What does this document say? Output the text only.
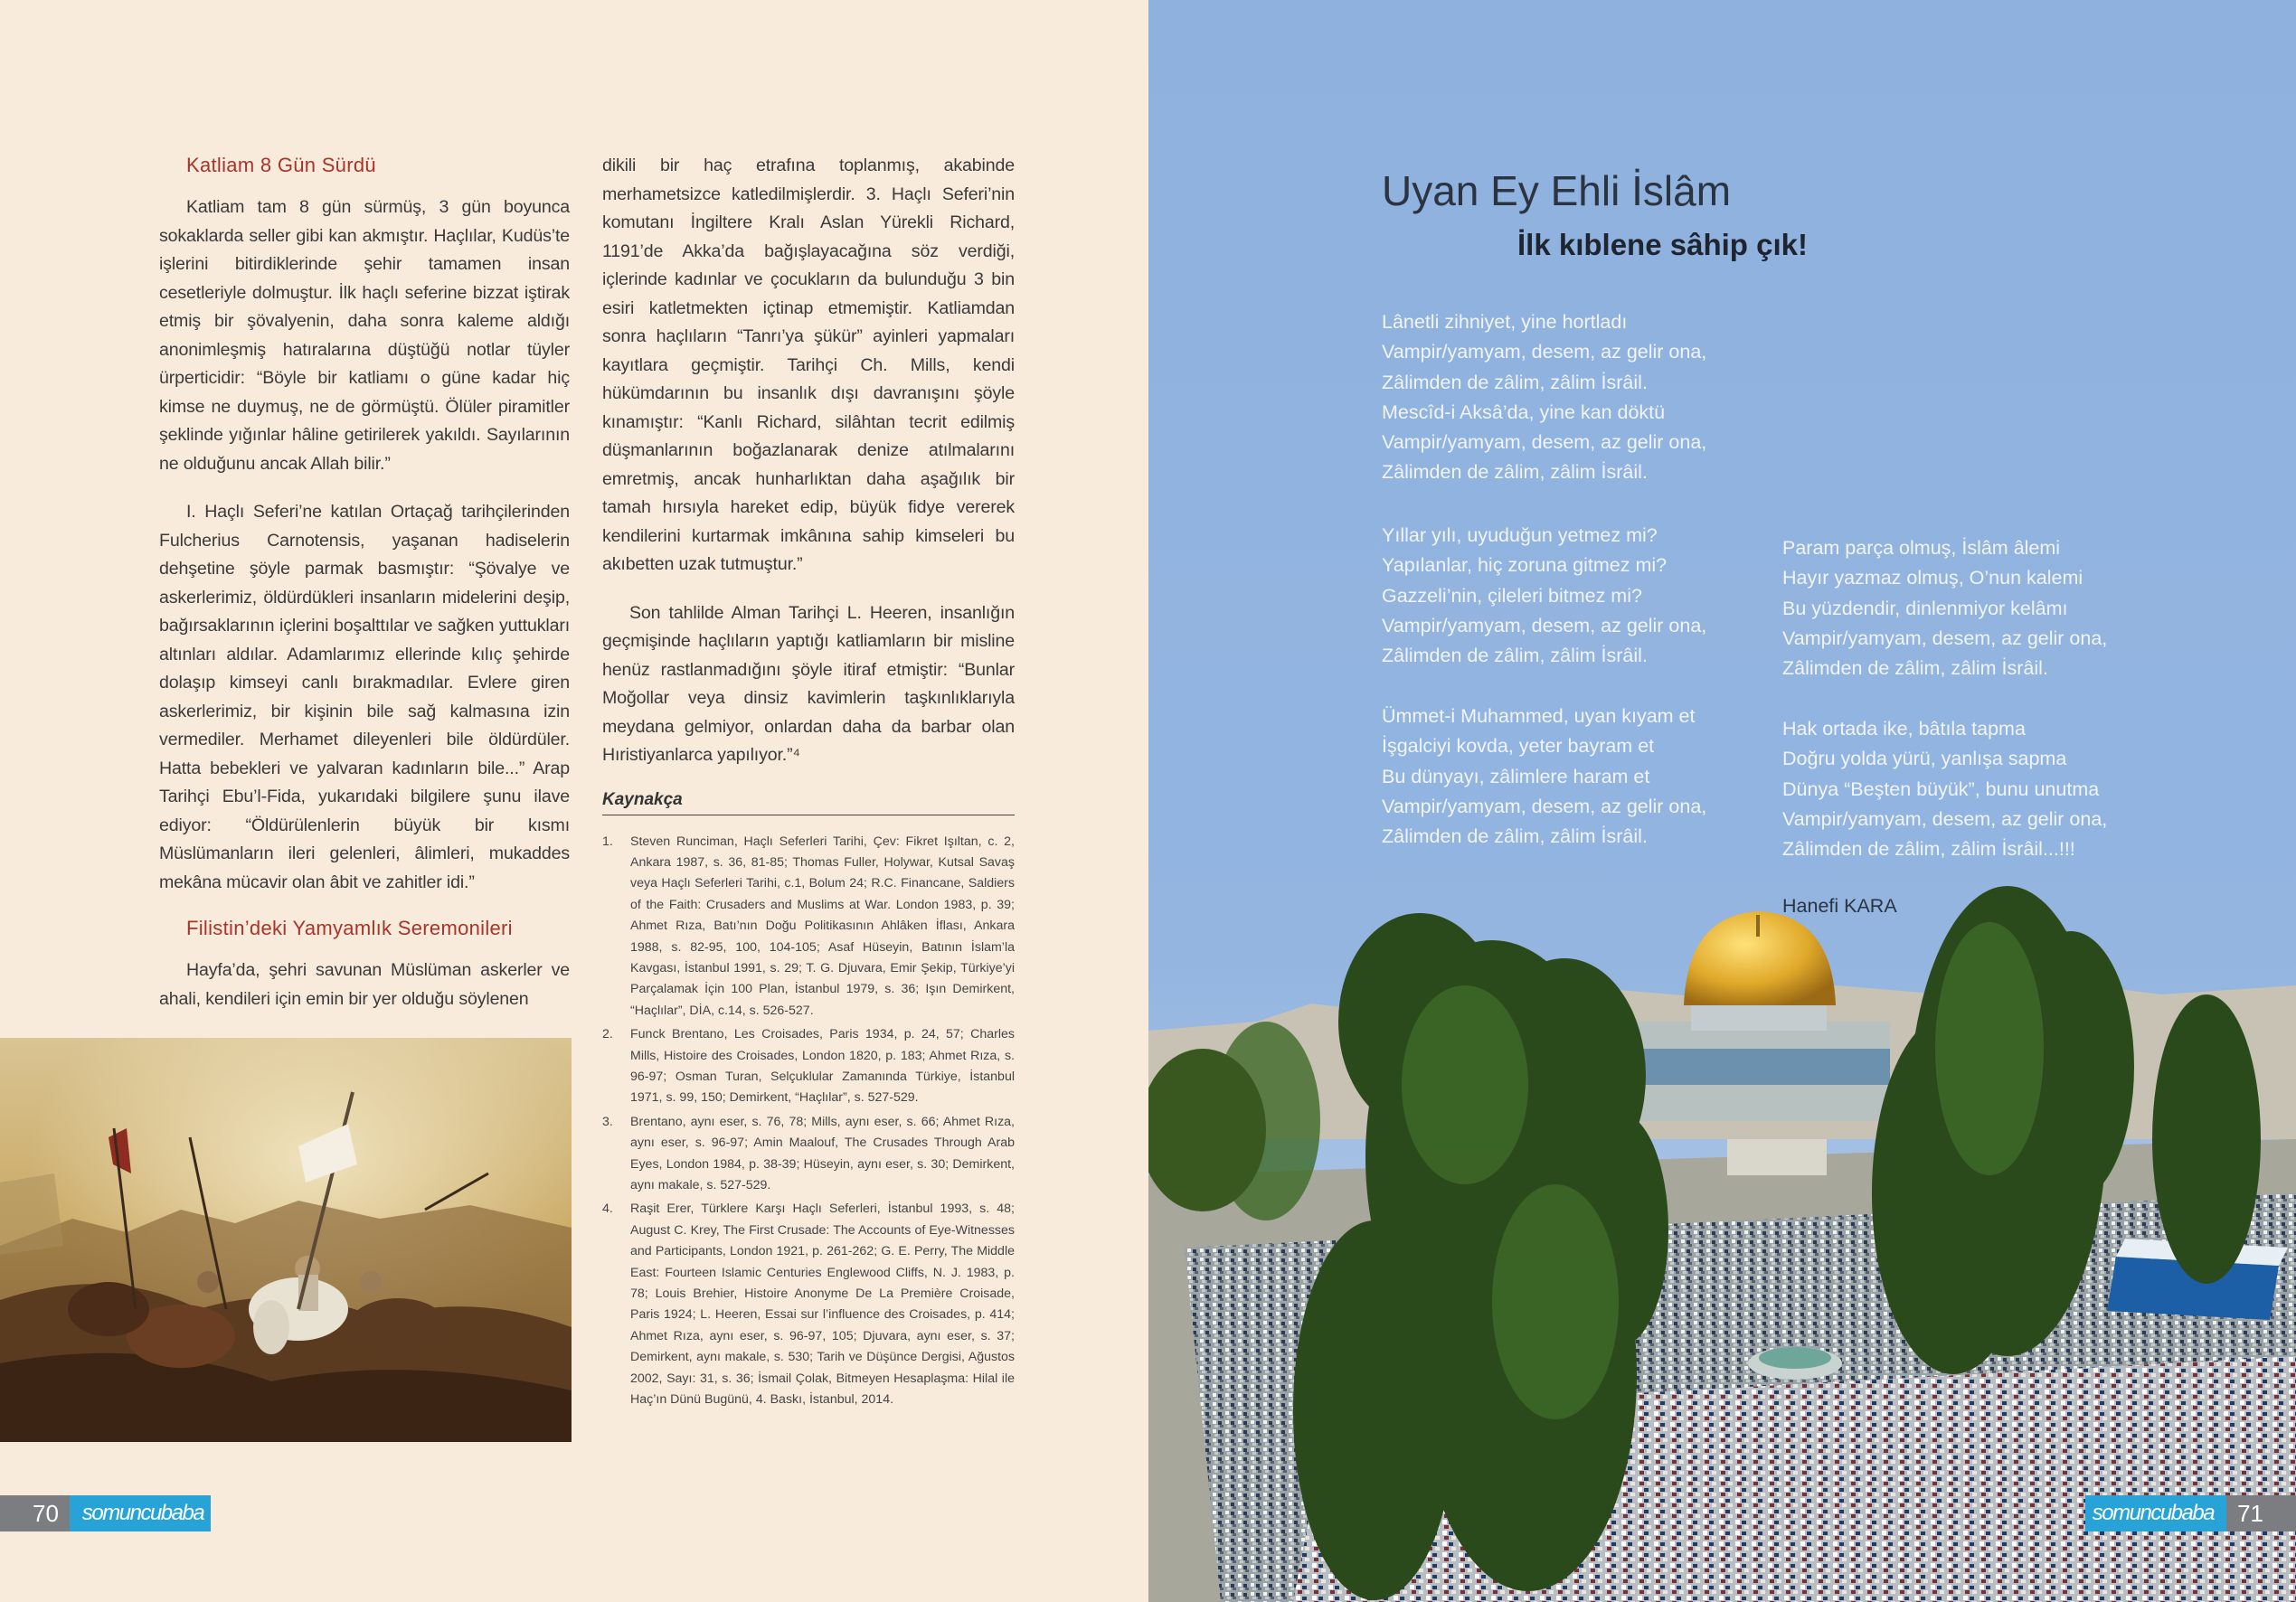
Katliam 8 Gün Sürdü

Katliam tam 8 gün sürmüş, 3 gün boyunca sokaklarda seller gibi kan akmıştır. Haçlılar, Kudüs’te işlerini bitirdiklerinde şehir tamamen insan cesetleriyle dolmuştur. İlk haçlı seferine bizzat iştirak etmiş bir şövalyenin, daha sonra kaleme aldığı anonimleşmiş hatıralarına düştüğü notlar tüyler ürperticidir: “Böyle bir katliamı o güne kadar hiç kimse ne duymuş, ne de görmüştü. Ölüler piramitler şeklinde yığınlar hâline getirilerek yakıldı. Sayılarının ne olduğunu ancak Allah bilir.”

I. Haçlı Seferi’ne katılan Ortaçağ tarihçilerinden Fulcherius Carnotensis, yaşanan hadiselerin dehşetine şöyle parmak basmıştır: “Şövalye ve askerlerimiz, öldürdükleri insanların midelerini deşip, bağırsaklarının içlerini boşalttılar ve sağken yuttukları altınları aldılar. Adamlarımız ellerinde kılıç şehirde dolaşıp kimseyi canlı bırakmadılar. Evlere giren askerlerimiz, bir kişinin bile sağ kalmasına izin vermediler. Merhamet dileyenleri bile öldürdüler. Hatta bebekleri ve yalvaran kadınların bile...” Arap Tarihçi Ebu’l-Fida, yukarıdaki bilgilere şunu ilave ediyor: “Öldürülenlerin büyük bir kısmı Müslümanların ileri gelenleri, âlimleri, mukaddes mekâna mücavir olan âbit ve zahitler idi.”

Filistin’deki Yamyamlık Seremonileri

Hayfa’da, şehri savunan Müslüman askerler ve ahali, kendileri için emin bir yer olduğu söylenen

dikili bir haç etrafına toplanmış, akabinde merhametsizce katledilmişlerdir. 3. Haçlı Seferi’nin komutanı İngiltere Kralı Aslan Yürekli Richard, 1191’de Akka’da bağışlayacağına söz verdiği, içlerinde kadınlar ve çocukların da bulunduğu 3 bin esiri katletmekten içtinap etmemiştir. Katliamdan sonra haçlıların “Tanrı’ya şükür” ayinleri yapmaları kayıtlara geçmiştir. Tarihçi Ch. Mills, kendi hükümdarının bu insanlık dışı davranışını şöyle kınamıştır: “Kanlı Richard, silâhtan tecrit edilmiş düşmanlarının boğazlanarak denize atılmalarını emretmiş, ancak hunharlıktan daha aşağılık bir tamah hırsıyla hareket edip, büyük fidye vererek kendilerini kurtarmak imkânına sahip kimseleri bu akıbetten uzak tutmuştur.”

Son tahlilde Alman Tarihçi L. Heeren, insanlığın geçmişinde haçlıların yaptığı katliamların bir misline henüz rastlanmadığını şöyle itiraf etmiştir: “Bunlar Moğollar veya dinsiz kavimlerin taşkınlıklarıyla meydana gelmiyor, onlardan daha da barbar olan Hıristiyanlarca yapılıyor.”⁴

Kaynakça
1. Steven Runciman, Haçlı Seferleri Tarihi, Çev: Fikret Işıltan, c. 2, Ankara 1987, s. 36, 81-85; Thomas Fuller, Holywar, Kutsal Savaş veya Haçlı Seferleri Tarihi, c.1, Bolum 24; R.C. Financane, Saldiers of the Faith: Crusaders and Muslims at War. London 1983, p. 39; Ahmet Rıza, Batı’nın Doğu Politikasının Ahlâken İflası, Ankara 1988, s. 82-95, 100, 104-105; Asaf Hüseyin, Batının İslam’la Kavgası, İstanbul 1991, s. 29; T. G. Djuvara, Emir Şekip, Türkiye’yi Parçalamak İçin 100 Plan, İstanbul 1979, s. 36; Işın Demirkent, “Haçlılar”, DİA, c.14, s. 526-527.
2. Funck Brentano, Les Croisades, Paris 1934, p. 24, 57; Charles Mills, Histoire des Croisades, London 1820, p. 183; Ahmet Rıza, s. 96-97; Osman Turan, Selçuklular Zamanında Türkiye, İstanbul 1971, s. 99, 150; Demirkent, “Haçlılar”, s. 527-529.
3. Brentano, aynı eser, s. 76, 78; Mills, aynı eser, s. 66; Ahmet Rıza, aynı eser, s. 96-97; Amin Maalouf, The Crusades Through Arab Eyes, London 1984, p. 38-39; Hüseyin, aynı eser, s. 30; Demirkent, aynı makale, s. 527-529.
4. Raşit Erer, Türklere Karşı Haçlı Seferleri, İstanbul 1993, s. 48; August C. Krey, The First Crusade: The Accounts of Eye-Witnesses and Participants, London 1921, p. 261-262; G. E. Perry, The Middle East: Fourteen Islamic Centuries Englewood Cliffs, N. J. 1983, p. 78; Louis Brehier, Histoire Anonyme De La Première Croisade, Paris 1924; L. Heeren, Essai sur l’influence des Croisades, p. 414; Ahmet Rıza, aynı eser, s. 96-97, 105; Djuvara, aynı eser, s. 37; Demirkent, aynı makale, s. 530; Tarih ve Düşünce Dergisi, Ağustos 2002, Sayı: 31, s. 36; İsmail Çolak, Bitmeyen Hesaplaşma: Hilal ile Haç’ın Dünü Bugünü, 4. Baskı, İstanbul, 2014.
70	somuncubaba
Uyan Ey Ehli İslâm
İlk kıblene sâhip çık!
Lânetli zihniyet, yine hortladı
Vampir/yamyam, desem, az gelir ona,
Zâlimden de zâlim, zâlim İsrâil.
Mescîd-i Aksâ’da, yine kan döktü
Vampir/yamyam, desem, az gelir ona,
Zâlimden de zâlim, zâlim İsrâil.
Yıllar yılı, uyuduğun yetmez mi?
Yapılanlar, hiç zoruna gitmez mi?
Gazzeli’nin, çileleri bitmez mi?
Vampir/yamyam, desem, az gelir ona,
Zâlimden de zâlim, zâlim İsrâil.
Ümmet-i Muhammed, uyan kıyam et
İşgalciyi kovda, yeter bayram et
Bu dünyayı, zâlimlere haram et
Vampir/yamyam, desem, az gelir ona,
Zâlimden de zâlim, zâlim İsrâil.
Param parça olmuş, İslâm âlemi
Hayır yazmaz olmuş, O’nun kalemi
Bu yüzdendir, dinlenmiyor kelâmı
Vampir/yamyam, desem, az gelir ona,
Zâlimden de zâlim, zâlim İsrâil.
Hak ortada ike, bâtıla tapma
Doğru yolda yürü, yanlışa sapma
Dünya “Beşten büyük”, bunu unutma
Vampir/yamyam, desem, az gelir ona,
Zâlimden de zâlim, zâlim İsrâil...!!!
Hanefi KARA
somuncubaba	71
